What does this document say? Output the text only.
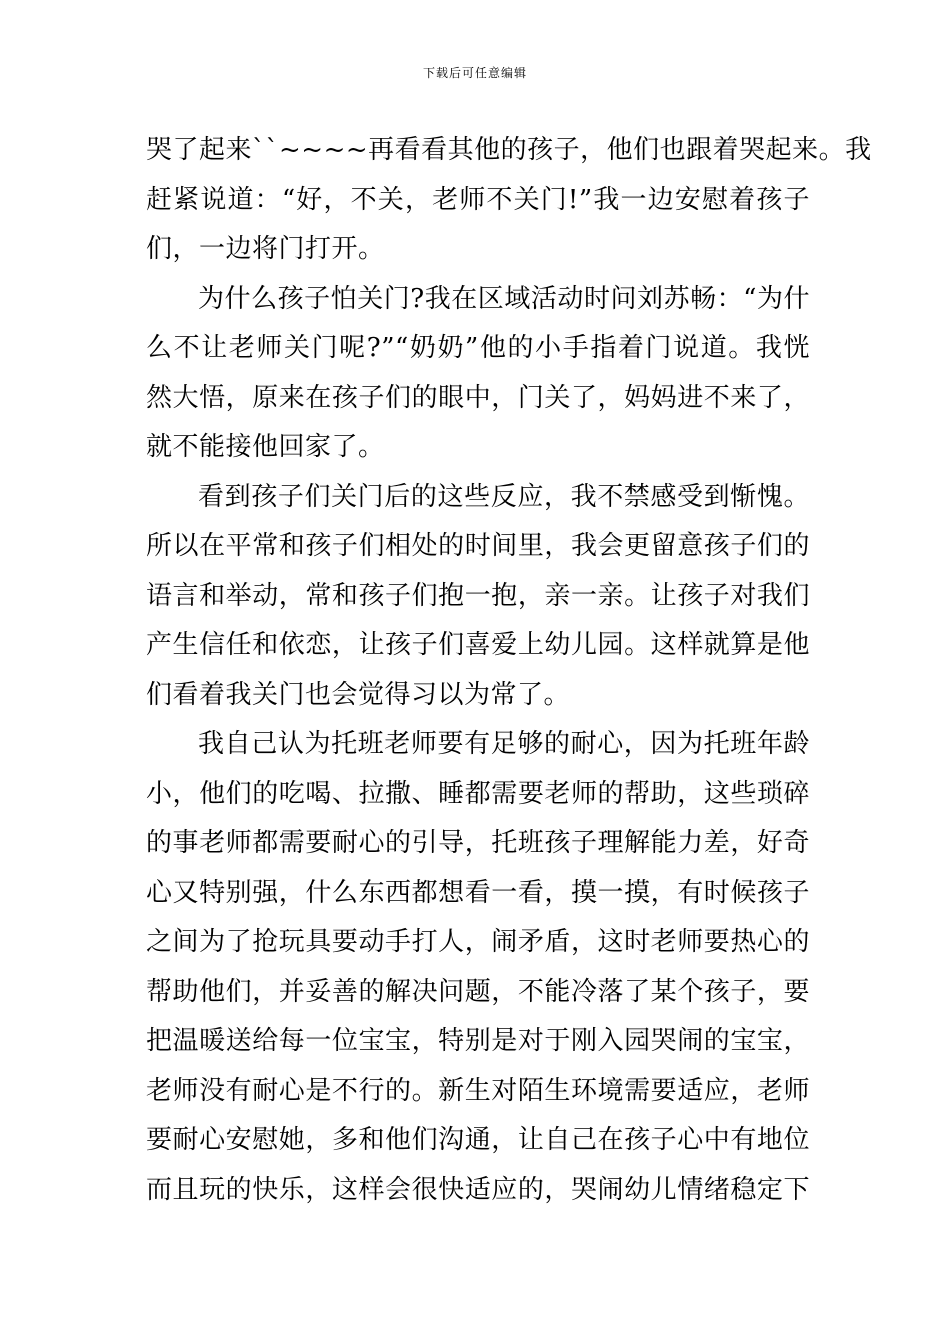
下载后可任意编辑
哭了起来``~~~~再看看其他的孩子，他们也跟着哭起来。我
赶紧说道：“好，不关，老师不关门!”我一边安慰着孩子
们，一边将门打开。
为什么孩子怕关门?我在区域活动时问刘苏畅：“为什
么不让老师关门呢?”“奶奶”他的小手指着门说道。我恍
然大悟，原来在孩子们的眼中，门关了，妈妈进不来了，
就不能接他回家了。
看到孩子们关门后的这些反应，我不禁感受到惭愧。
所以在平常和孩子们相处的时间里，我会更留意孩子们的
语言和举动，常和孩子们抱一抱，亲一亲。让孩子对我们
产生信任和依恋，让孩子们喜爱上幼儿园。这样就算是他
们看着我关门也会觉得习以为常了。
我自己认为托班老师要有足够的耐心，因为托班年龄
小，他们的吃喝、拉撒、睡都需要老师的帮助，这些琐碎
的事老师都需要耐心的引导，托班孩子理解能力差，好奇
心又特别强，什么东西都想看一看，摸一摸，有时候孩子
之间为了抢玩具要动手打人，闹矛盾，这时老师要热心的
帮助他们，并妥善的解决问题，不能冷落了某个孩子，要
把温暖送给每一位宝宝，特别是对于刚入园哭闹的宝宝，
老师没有耐心是不行的。新生对陌生环境需要适应，老师
要耐心安慰她，多和他们沟通，让自己在孩子心中有地位
而且玩的快乐，这样会很快适应的，哭闹幼儿情绪稳定下
